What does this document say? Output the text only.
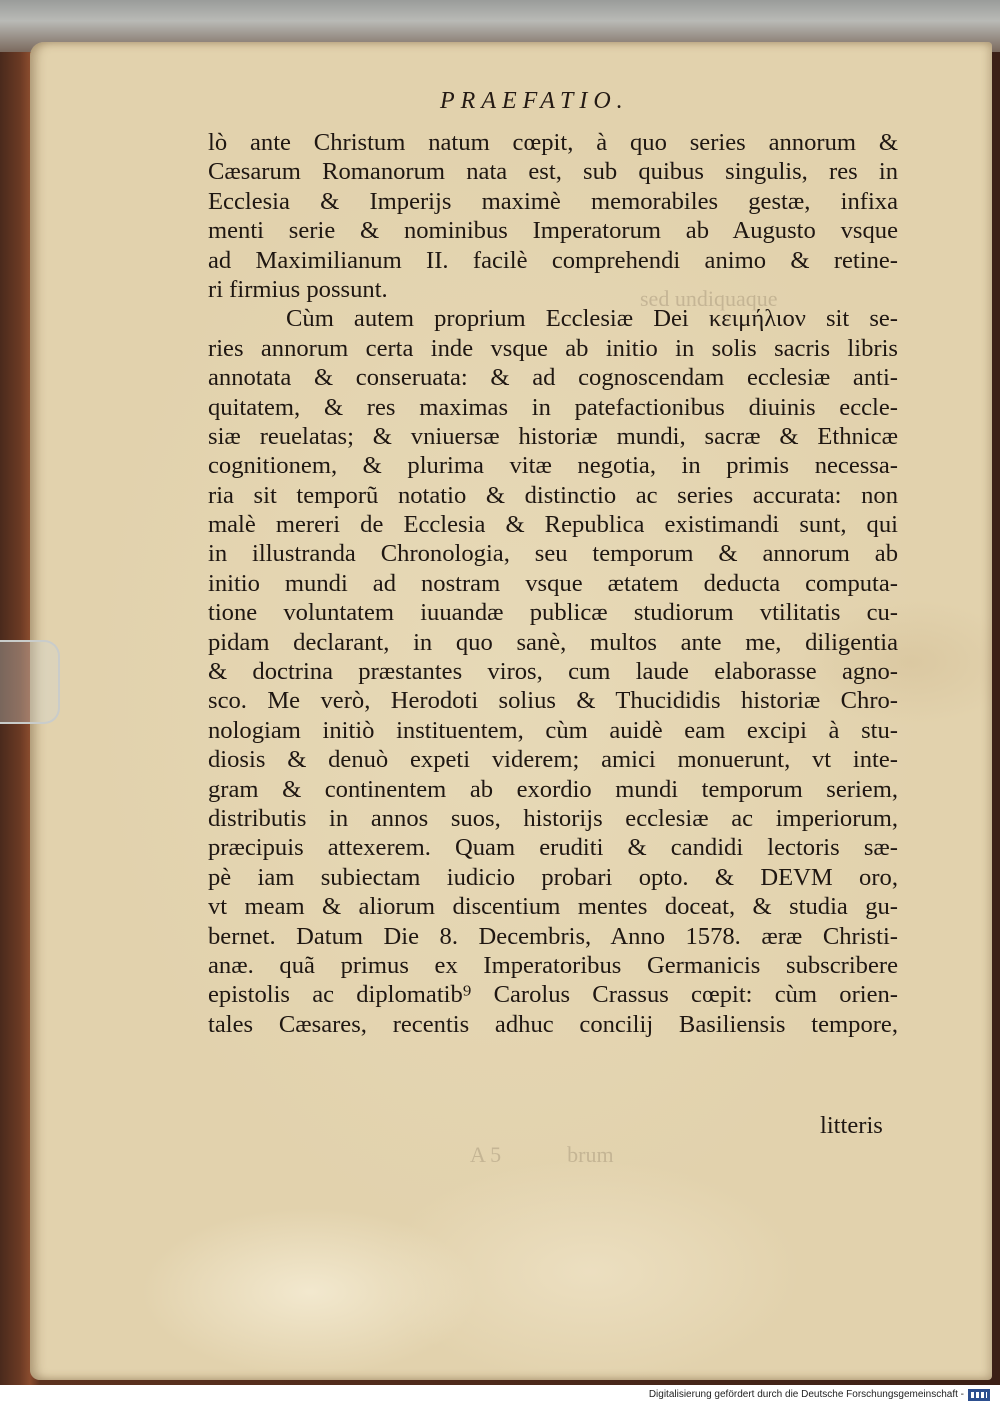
sed undiquaque
A 5            brum
PRAEFATIO.
lò ante Christum natum cœpit, à quo series annorum &
Cæsarum Romanorum nata est, sub quibus singulis, res in
Ecclesia & Imperijs maximè memorabiles gestæ, infixa
menti serie & nominibus Imperatorum ab Augusto vsque
ad Maximilianum II. facilè comprehendi animo & retine-
ri firmius possunt.
Cùm autem proprium Ecclesiæ Dei κειμήλιον sit se-
ries annorum certa inde vsque ab initio in solis sacris libris
annotata & conseruata: & ad cognoscendam ecclesiæ anti-
quitatem, & res maximas in patefactionibus diuinis eccle-
siæ reuelatas; & vniuersæ historiæ mundi, sacræ & Ethnicæ
cognitionem, & plurima vitæ negotia, in primis necessa-
ria sit temporũ notatio & distinctio ac series accurata: non
malè mereri de Ecclesia & Republica existimandi sunt, qui
in illustranda Chronologia, seu temporum & annorum ab
initio mundi ad nostram vsque ætatem deducta computa-
tione voluntatem iuuandæ publicæ studiorum vtilitatis cu-
pidam declarant, in quo sanè, multos ante me, diligentia
& doctrina præstantes viros, cum laude elaborasse agno-
sco. Me verò, Herodoti solius & Thucididis historiæ Chro-
nologiam initiò instituentem, cùm auidè eam excipi à stu-
diosis & denuò expeti viderem; amici monuerunt, vt inte-
gram & continentem ab exordio mundi temporum seriem,
distributis in annos suos, historijs ecclesiæ ac imperiorum,
præcipuis attexerem. Quam eruditi & candidi lectoris sæ-
pè iam subiectam iudicio probari opto. & DEVM oro,
vt meam & aliorum discentium mentes doceat, & studia gu-
bernet. Datum Die 8. Decembris, Anno 1578. æræ Christi-
anæ. quã primus ex Imperatoribus Germanicis subscribere
epistolis ac diplomatib⁹ Carolus Crassus cœpit: cùm orien-
tales Cæsares, recentis adhuc concilij Basiliensis tempore,
litteris
Digitalisierung gefördert durch die Deutsche Forschungsgemeinschaft -
